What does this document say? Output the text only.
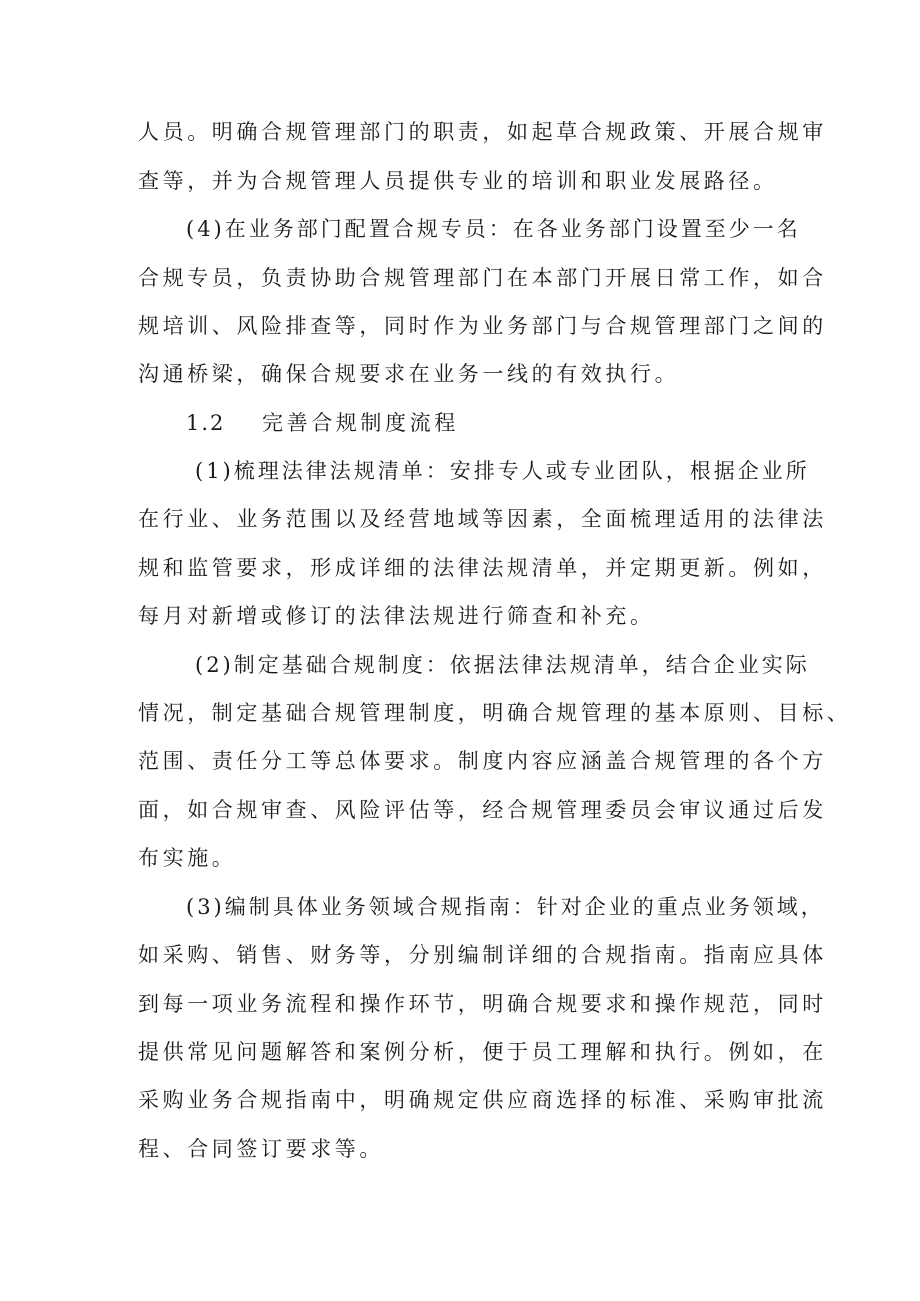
人员。明确合规管理部门的职责，如起草合规政策、开展合规审
查等，并为合规管理人员提供专业的培训和职业发展路径。
(4)在业务部门配置合规专员：在各业务部门设置至少一名
合规专员，负责协助合规管理部门在本部门开展日常工作，如合
规培训、风险排查等，同时作为业务部门与合规管理部门之间的
沟通桥梁，确保合规要求在业务一线的有效执行。
1.2 完善合规制度流程
(1)梳理法律法规清单：安排专人或专业团队，根据企业所
在行业、业务范围以及经营地域等因素，全面梳理适用的法律法
规和监管要求，形成详细的法律法规清单，并定期更新。例如，
每月对新增或修订的法律法规进行筛查和补充。
(2)制定基础合规制度：依据法律法规清单，结合企业实际
情况，制定基础合规管理制度，明确合规管理的基本原则、目标、
范围、责任分工等总体要求。制度内容应涵盖合规管理的各个方
面，如合规审查、风险评估等，经合规管理委员会审议通过后发
布实施。
(3)编制具体业务领域合规指南：针对企业的重点业务领域，
如采购、销售、财务等，分别编制详细的合规指南。指南应具体
到每一项业务流程和操作环节，明确合规要求和操作规范，同时
提供常见问题解答和案例分析，便于员工理解和执行。例如，在
采购业务合规指南中，明确规定供应商选择的标准、采购审批流
程、合同签订要求等。
